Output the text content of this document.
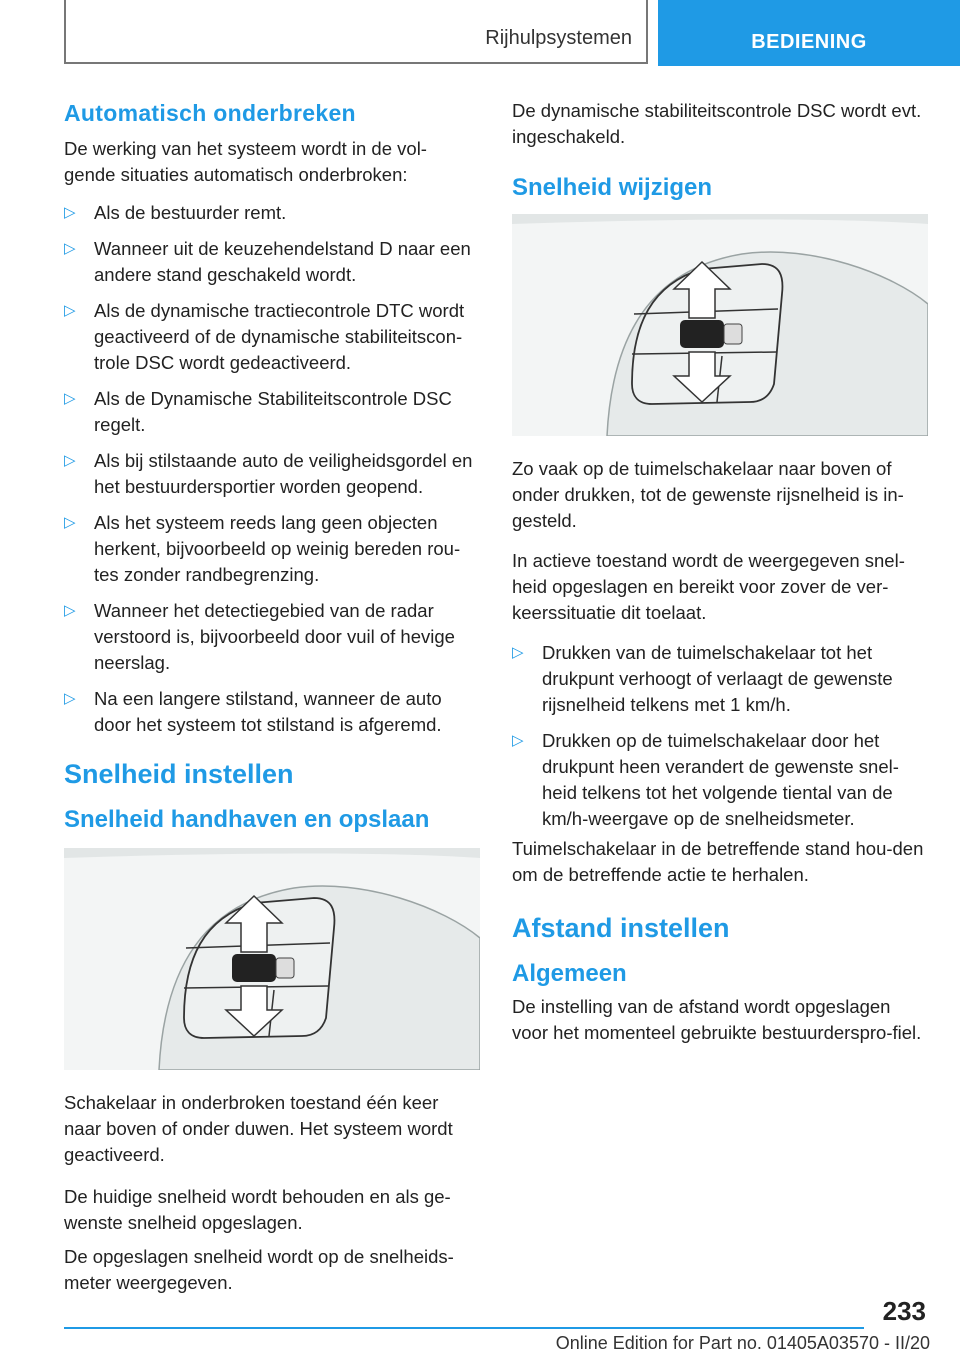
Rijhulpsystemen	BEDIENING
Automatisch onderbreken

De werking van het systeem wordt in de vol-
gende situaties automatisch onderbroken:

▷ Als de bestuurder remt.
▷ Wanneer uit de keuzehendelstand D naar een andere stand geschakeld wordt.
▷ Als de dynamische tractiecontrole DTC wordt geactiveerd of de dynamische stabiliteitscon-trole DSC wordt gedeactiveerd.
▷ Als de Dynamische Stabiliteitscontrole DSC regelt.
▷ Als bij stilstaande auto de veiligheidsgordel en het bestuurdersportier worden geopend.
▷ Als het systeem reeds lang geen objecten herkent, bijvoorbeeld op weinig bereden rou-tes zonder randbegrenzing.
▷ Wanneer het detectiegebied van de radar verstoord is, bijvoorbeeld door vuil of hevige neerslag.
▷ Na een langere stilstand, wanneer de auto door het systeem tot stilstand is afgeremd.
Snelheid instellen
Snelheid handhaven en opslaan

Schakelaar in onderbroken toestand één keer naar boven of onder duwen. Het systeem wordt geactiveerd.

De huidige snelheid wordt behouden en als ge-wenste snelheid opgeslagen.

De opgeslagen snelheid wordt op de snelheids-meter weergegeven.

De dynamische stabiliteitscontrole DSC wordt evt. ingeschakeld.

Snelheid wijzigen

Zo vaak op de tuimelschakelaar naar boven of onder drukken, tot de gewenste rijsnelheid is in-gesteld.

In actieve toestand wordt de weergegeven snel-heid opgeslagen en bereikt voor zover de ver-keerssituatie dit toelaat.

▷ Drukken van de tuimelschakelaar tot het drukpunt verhoogt of verlaagt de gewenste rijsnelheid telkens met 1 km/h.
▷ Drukken op de tuimelschakelaar door het drukpunt heen verandert de gewenste snel-heid telkens tot het volgende tiental van de km/h-weergave op de snelheidsmeter.

Tuimelschakelaar in de betreffende stand hou-den om de betreffende actie te herhalen.

Afstand instellen
Algemeen

De instelling van de afstand wordt opgeslagen voor het momenteel gebruikte bestuurderspro-fiel.

233
Online Edition for Part no. 01405A03570 - II/20
